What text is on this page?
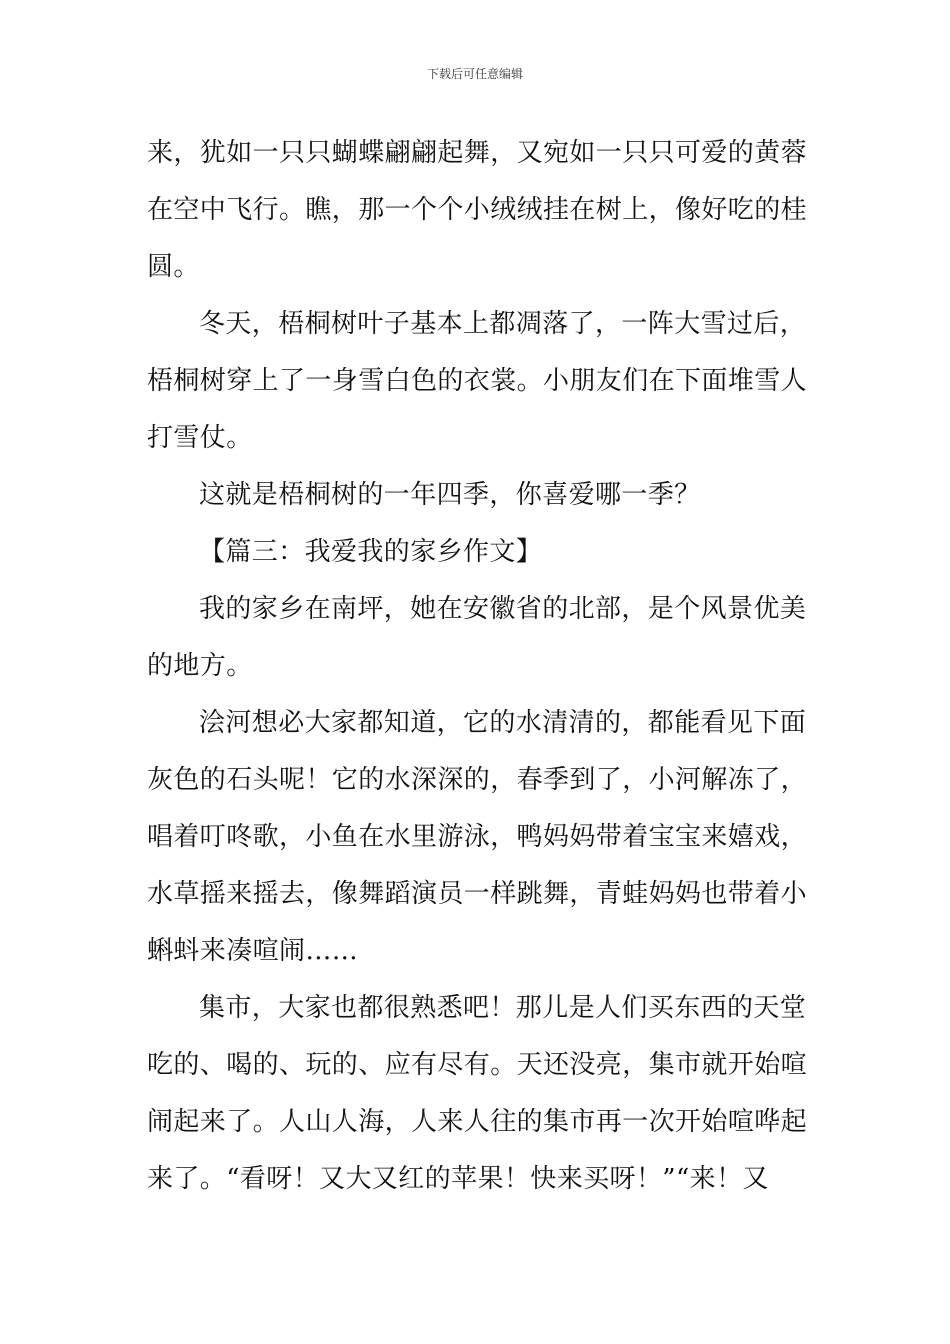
下载后可任意编辑
来，犹如一只只蝴蝶翩翩起舞，又宛如一只只可爱的黄蓉
在空中飞行。瞧，那一个个小绒绒挂在树上，像好吃的桂
圆。
冬天，梧桐树叶子基本上都凋落了，一阵大雪过后，
梧桐树穿上了一身雪白色的衣裳。小朋友们在下面堆雪人
打雪仗。
这就是梧桐树的一年四季，你喜爱哪一季？
【篇三：我爱我的家乡作文】
我的家乡在南坪，她在安徽省的北部，是个风景优美
的地方。
浍河想必大家都知道，它的水清清的，都能看见下面
灰色的石头呢！它的水深深的，春季到了，小河解冻了，
唱着叮咚歌，小鱼在水里游泳，鸭妈妈带着宝宝来嬉戏，
水草摇来摇去，像舞蹈演员一样跳舞，青蛙妈妈也带着小
蝌蚪来凑喧闹……
集市，大家也都很熟悉吧！那儿是人们买东西的天堂
吃的、喝的、玩的、应有尽有。天还没亮，集市就开始喧
闹起来了。人山人海，人来人往的集市再一次开始喧哗起
来了。“看呀！又大又红的苹果！快来买呀！”“来！又
